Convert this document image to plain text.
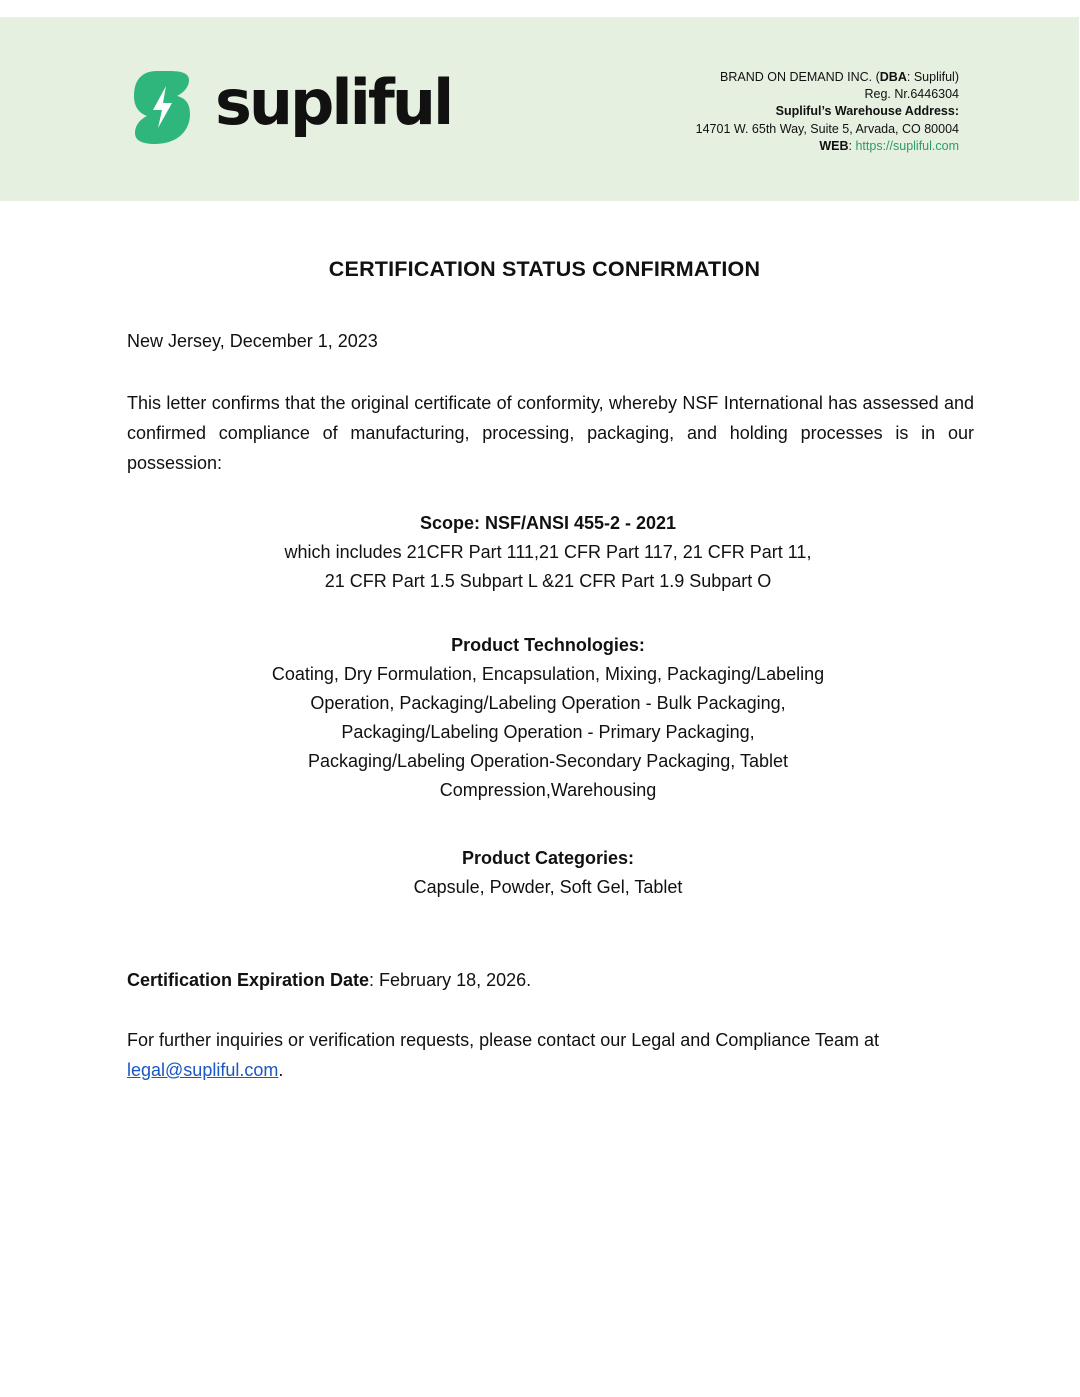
supliful	BRAND ON DEMAND INC. (DBA: Supliful)
Reg. Nr.6446304
Supliful’s Warehouse Address:
14701 W. 65th Way, Suite 5, Arvada, CO 80004
WEB: https://supliful.com
CERTIFICATION STATUS CONFIRMATION
New Jersey, December 1, 2023
This letter confirms that the original certificate of conformity, whereby NSF International has assessed and confirmed compliance of manufacturing, processing, packaging, and holding processes is in our possession:
Scope: NSF/ANSI 455-2 - 2021
which includes 21CFR Part 111,21 CFR Part 117, 21 CFR Part 11,
21 CFR Part 1.5 Subpart L &21 CFR Part 1.9 Subpart O
Product Technologies:
Coating, Dry Formulation, Encapsulation, Mixing, Packaging/Labeling
Operation, Packaging/Labeling Operation - Bulk Packaging,
Packaging/Labeling Operation - Primary Packaging,
Packaging/Labeling Operation-Secondary Packaging, Tablet
Compression,Warehousing
Product Categories:
Capsule, Powder, Soft Gel, Tablet
Certification Expiration Date: February 18, 2026.
For further inquiries or verification requests, please contact our Legal and Compliance Team at legal@supliful.com.
